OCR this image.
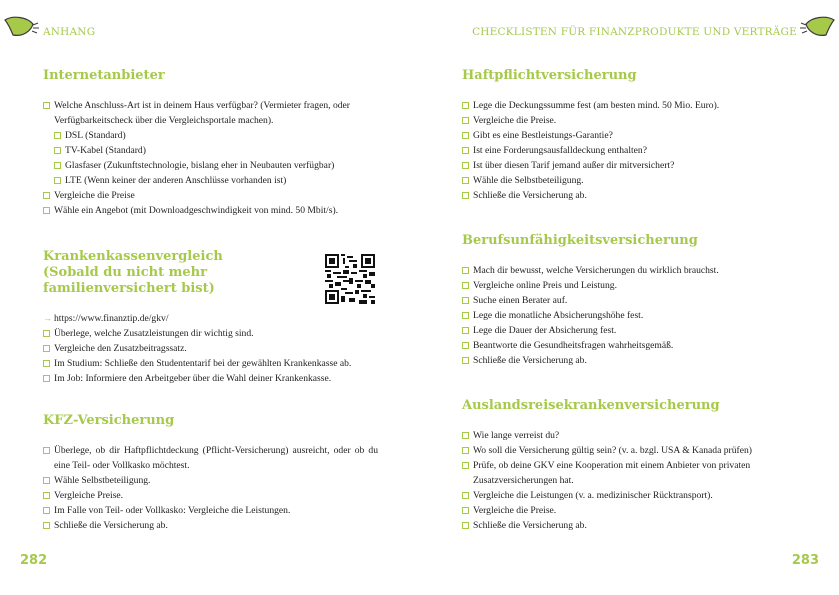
ANHANG
Internetanbieter
Welche Anschluss-Art ist in deinem Haus verfügbar? (Vermieter fragen, oder Verfügbarkeitscheck über die Vergleichsportale machen).
DSL (Standard)
TV-Kabel (Standard)
Glasfaser (Zukunftstechnologie, bislang eher in Neubauten verfügbar)
LTE (Wenn keiner der anderen Anschlüsse vorhanden ist)
Vergleiche die Preise
Wähle ein Angebot (mit Downloadgeschwindigkeit von mind. 50 Mbit/s).
Krankenkassenvergleich (Sobald du nicht mehr familienversichert bist)
→ https://www.finanztip.de/gkv/
Überlege, welche Zusatzleistungen dir wichtig sind.
Vergleiche den Zusatzbeitragssatz.
Im Studium: Schließe den Studententarif bei der gewählten Krankenkasse ab.
Im Job: Informiere den Arbeitgeber über die Wahl deiner Krankenkasse.
KFZ-Versicherung
Überlege, ob dir Haftpflichtdeckung (Pflicht-Versicherung) ausreicht, oder ob du eine Teil- oder Vollkasko möchtest.
Wähle Selbstbeteiligung.
Vergleiche Preise.
Im Falle von Teil- oder Vollkasko: Vergleiche die Leistungen.
Schließe die Versicherung ab.
282
CHECKLISTEN FÜR FINANZPRODUKTE UND VERTRÄGE
Haftpflichtversicherung
Lege die Deckungssumme fest (am besten mind. 50 Mio. Euro).
Vergleiche die Preise.
Gibt es eine Bestleistungs-Garantie?
Ist eine Forderungsausfalldeckung enthalten?
Ist über diesen Tarif jemand außer dir mitversichert?
Wähle die Selbstbeteiligung.
Schließe die Versicherung ab.
Berufsunfähigkeitsversicherung
Mach dir bewusst, welche Versicherungen du wirklich brauchst.
Vergleiche online Preis und Leistung.
Suche einen Berater auf.
Lege die monatliche Absicherungshöhe fest.
Lege die Dauer der Absicherung fest.
Beantworte die Gesundheitsfragen wahrheitsgemäß.
Schließe die Versicherung ab.
Auslandsreisekrankenversicherung
Wie lange verreist du?
Wo soll die Versicherung gültig sein? (v. a. bzgl. USA & Kanada prüfen)
Prüfe, ob deine GKV eine Kooperation mit einem Anbieter von privaten Zusatzversicherungen hat.
Vergleiche die Leistungen (v. a. medizinischer Rücktransport).
Vergleiche die Preise.
Schließe die Versicherung ab.
283
